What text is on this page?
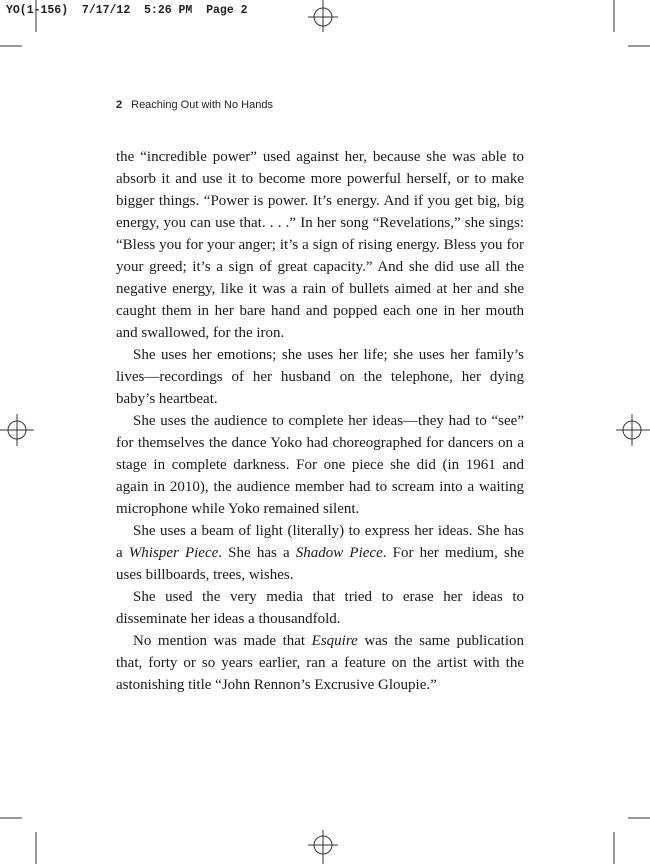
YO(1-156)  7/17/12  5:26 PM  Page 2
2 Reaching Out with No Hands

the “incredible power” used against her, because she was able to absorb it and use it to become more powerful herself, or to make bigger things. “Power is power. It’s energy. And if you get big, big energy, you can use that. . . .” In her song “Revelations,” she sings: “Bless you for your anger; it’s a sign of rising energy. Bless you for your greed; it’s a sign of great capacity.” And she did use all the negative energy, like it was a rain of bullets aimed at her and she caught them in her bare hand and popped each one in her mouth and swallowed, for the iron.

She uses her emotions; she uses her life; she uses her family’s lives—recordings of her husband on the telephone, her dying baby’s heartbeat.

She uses the audience to complete her ideas—they had to “see” for themselves the dance Yoko had choreographed for dancers on a stage in complete darkness. For one piece she did (in 1961 and again in 2010), the audience member had to scream into a waiting microphone while Yoko remained silent.

She uses a beam of light (literally) to express her ideas. She has a Whisper Piece. She has a Shadow Piece. For her medium, she uses billboards, trees, wishes.

She used the very media that tried to erase her ideas to disseminate her ideas a thousandfold.

No mention was made that Esquire was the same publication that, forty or so years earlier, ran a feature on the artist with the astonishing title “John Rennon’s Excrusive Gloupie.”
